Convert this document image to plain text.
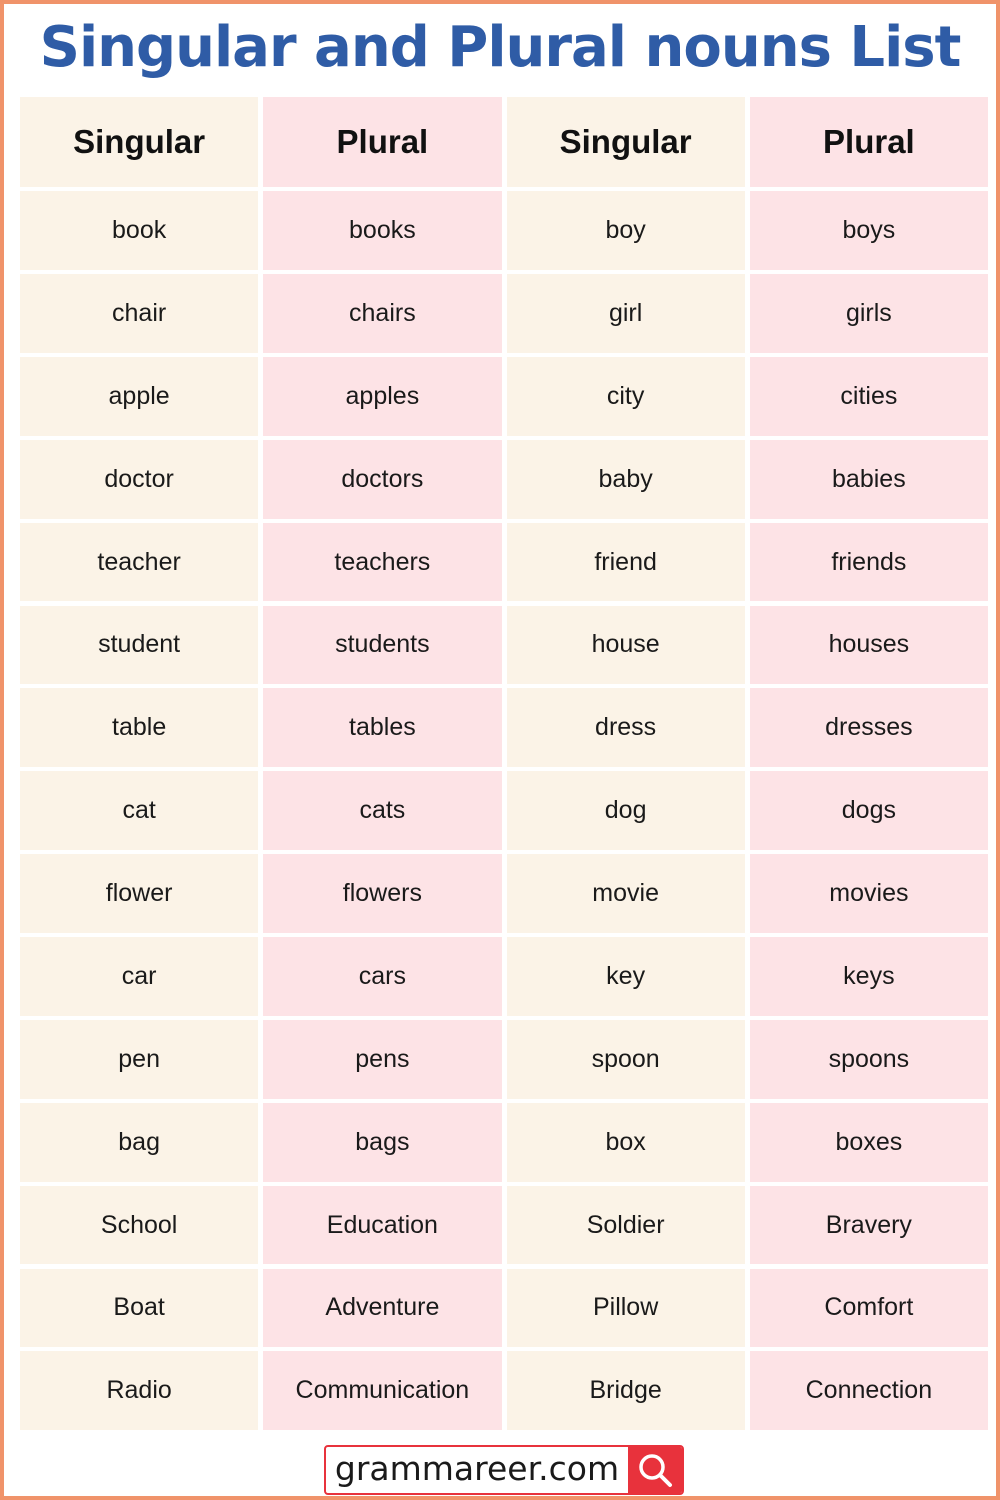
Singular and Plural nouns List
Singular	Plural	Singular	Plural
book	books	boy	boys
chair	chairs	girl	girls
apple	apples	city	cities
doctor	doctors	baby	babies
teacher	teachers	friend	friends
student	students	house	houses
table	tables	dress	dresses
cat	cats	dog	dogs
flower	flowers	movie	movies
car	cars	key	keys
pen	pens	spoon	spoons
bag	bags	box	boxes
School	Education	Soldier	Bravery
Boat	Adventure	Pillow	Comfort
Radio	Communication	Bridge	Connection
grammareer.com
